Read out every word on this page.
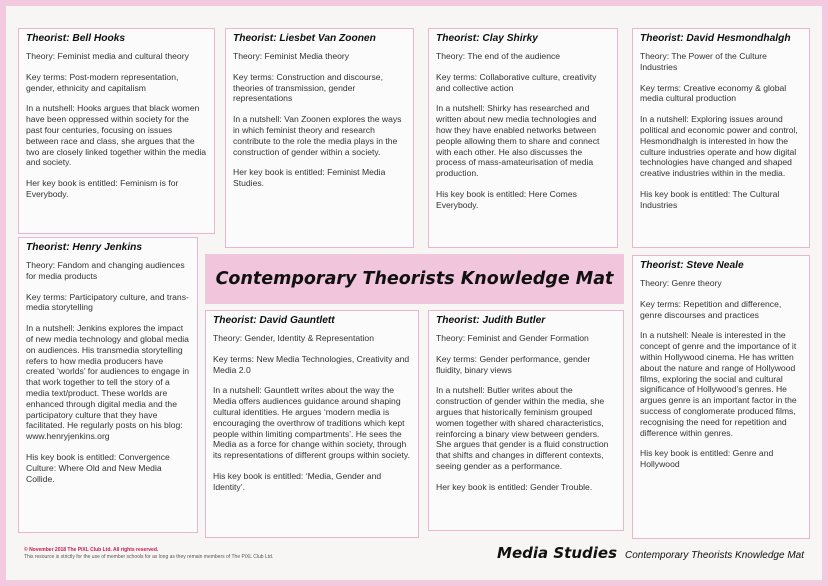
Theorist: Bell Hooks

Theory: Feminist media and cultural theory

Key terms: Post-modern representation, gender, ethnicity and capitalism

In a nutshell: Hooks argues that black women have been oppressed within society for the past four centuries, focusing on issues between race and class, she argues that the two are closely linked together within the media and society.

Her key book is entitled: Feminism is for Everybody.

Theorist: Liesbet Van Zoonen

Theory: Feminist Media theory

Key terms: Construction and discourse, theories of transmission, gender representations

In a nutshell: Van Zoonen explores the ways in which feminist theory and research contribute to the role the media plays in the construction of gender within a society.

Her key book is entitled: Feminist Media Studies.

Theorist: Clay Shirky

Theory: The end of the audience

Key terms: Collaborative culture, creativity and collective action

In a nutshell: Shirky has researched and written about new media technologies and how they have enabled networks between people allowing them to share and connect with each other. He also discusses the process of mass-amateurisation of media production.

His key book is entitled: Here Comes Everybody.

Theorist: David Hesmondhalgh

Theory: The Power of the Culture Industries

Key terms: Creative economy & global media cultural production

In a nutshell: Exploring issues around political and economic power and control, Hesmondhalgh is interested in how the culture industries operate and how digital technologies have changed and shaped creative industries within in the media.

His key book is entitled: The Cultural Industries

Contemporary Theorists Knowledge Mat
Theorist: Henry Jenkins

Theory: Fandom and changing audiences for media products

Key terms: Participatory culture, and trans-media storytelling

In a nutshell: Jenkins explores the impact of new media technology and global media on audiences. His transmedia storytelling refers to how media producers have created ‘worlds’ for audiences to engage in that work together to tell the story of a media text/product. These worlds are enhanced through digital media and the participatory culture that they have facilitated. He regularly posts on his blog: www.henryjenkins.org

His key book is entitled: Convergence Culture: Where Old and New Media Collide.

Theorist: David Gauntlett

Theory: Gender, Identity & Representation

Key terms: New Media Technologies, Creativity and Media 2.0

In a nutshell: Gauntlett writes about the way the Media offers audiences guidance around shaping cultural identities. He argues ‘modern media is encouraging the overthrow of traditions which kept people within limiting compartments’. He sees the Media as a force for change within society, through its representations of different groups within society.

His key book is entitled: ‘Media, Gender and Identity’.

Theorist: Judith Butler

Theory: Feminist and Gender Formation

Key terms: Gender performance, gender fluidity, binary views

In a nutshell: Butler writes about the construction of gender within the media, she argues that historically feminism grouped women together with shared characteristics, reinforcing a binary view between genders. She argues that gender is a fluid construction that shifts and changes in different contexts, seeing gender as a performance.

Her key book is entitled: Gender Trouble.

Theorist: Steve Neale

Theory: Genre theory

Key terms: Repetition and difference, genre discourses and practices

In a nutshell: Neale is interested in the concept of genre and the importance of it within Hollywood cinema. He has written about the nature and range of Hollywood films, exploring the social and cultural significance of Hollywood’s genres. He argues genre is an important factor in the success of conglomerate produced films, recognising the need for repetition and difference within genres.

His key book is entitled: Genre and Hollywood

© November 2018 The PiXL Club Ltd. All rights reserved.
This resource is strictly for the use of member schools for as long as they remain members of The PiXL Club Ltd.	Media Studies Contemporary Theorists Knowledge Mat
